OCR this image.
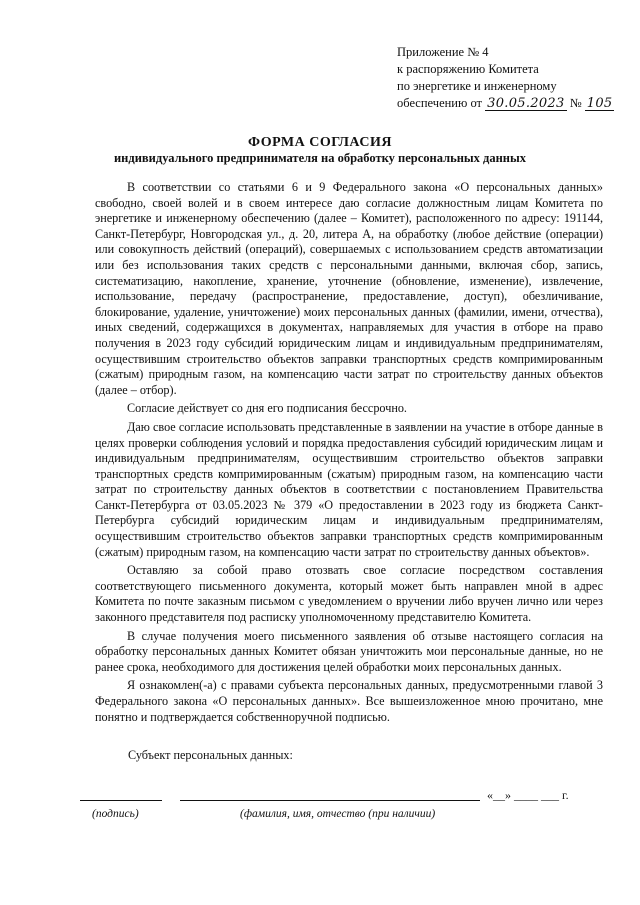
Приложение № 4
к распоряжению Комитета
по энергетике и инженерному
обеспечению от 30.05.2023 № 105
ФОРМА СОГЛАСИЯ
индивидуального предпринимателя на обработку персональных данных

В соответствии со статьями 6 и 9 Федерального закона «О персональных данных» свободно, своей волей и в своем интересе даю согласие должностным лицам Комитета по энергетике и инженерному обеспечению (далее – Комитет), расположенного по адресу: 191144, Санкт-Петербург, Новгородская ул., д. 20, литера А, на обработку (любое действие (операции) или совокупность действий (операций), совершаемых с использованием средств автоматизации или без использования таких средств с персональными данными, включая сбор, запись, систематизацию, накопление, хранение, уточнение (обновление, изменение), извлечение, использование, передачу (распространение, предоставление, доступ), обезличивание, блокирование, удаление, уничтожение) моих персональных данных (фамилии, имени, отчества), иных сведений, содержащихся в документах, направляемых для участия в отборе на право получения в 2023 году субсидий юридическим лицам и индивидуальным предпринимателям, осуществившим строительство объектов заправки транспортных средств компримированным (сжатым) природным газом, на компенсацию части затрат по строительству данных объектов (далее – отбор).

Согласие действует со дня его подписания бессрочно.

Даю свое согласие использовать представленные в заявлении на участие в отборе данные в целях проверки соблюдения условий и порядка предоставления субсидий юридическим лицам и индивидуальным предпринимателям, осуществившим строительство объектов заправки транспортных средств компримированным (сжатым) природным газом, на компенсацию части затрат по строительству данных объектов в соответствии с постановлением Правительства Санкт-Петербурга от 03.05.2023 № 379 «О предоставлении в 2023 году из бюджета Санкт-Петербурга субсидий юридическим лицам и индивидуальным предпринимателям, осуществившим строительство объектов заправки транспортных средств компримированным (сжатым) природным газом, на компенсацию части затрат по строительству данных объектов».

Оставляю за собой право отозвать свое согласие посредством составления соответствующего письменного документа, который может быть направлен мной в адрес Комитета по почте заказным письмом с уведомлением о вручении либо вручен лично или через законного представителя под расписку уполномоченному представителю Комитета.

В случае получения моего письменного заявления об отзыве настоящего согласия на обработку персональных данных Комитет обязан уничтожить мои персональные данные, но не ранее срока, необходимого для достижения целей обработки моих персональных данных.

Я ознакомлен(-а) с правами субъекта персональных данных, предусмотренными главой 3 Федерального закона «О персональных данных». Все вышеизложенное мною прочитано, мне понятно и подтверждается собственноручной подписью.

Субъект персональных данных:
«__» ____ ___ г.
(подпись)	(фамилия, имя, отчество (при наличии)
